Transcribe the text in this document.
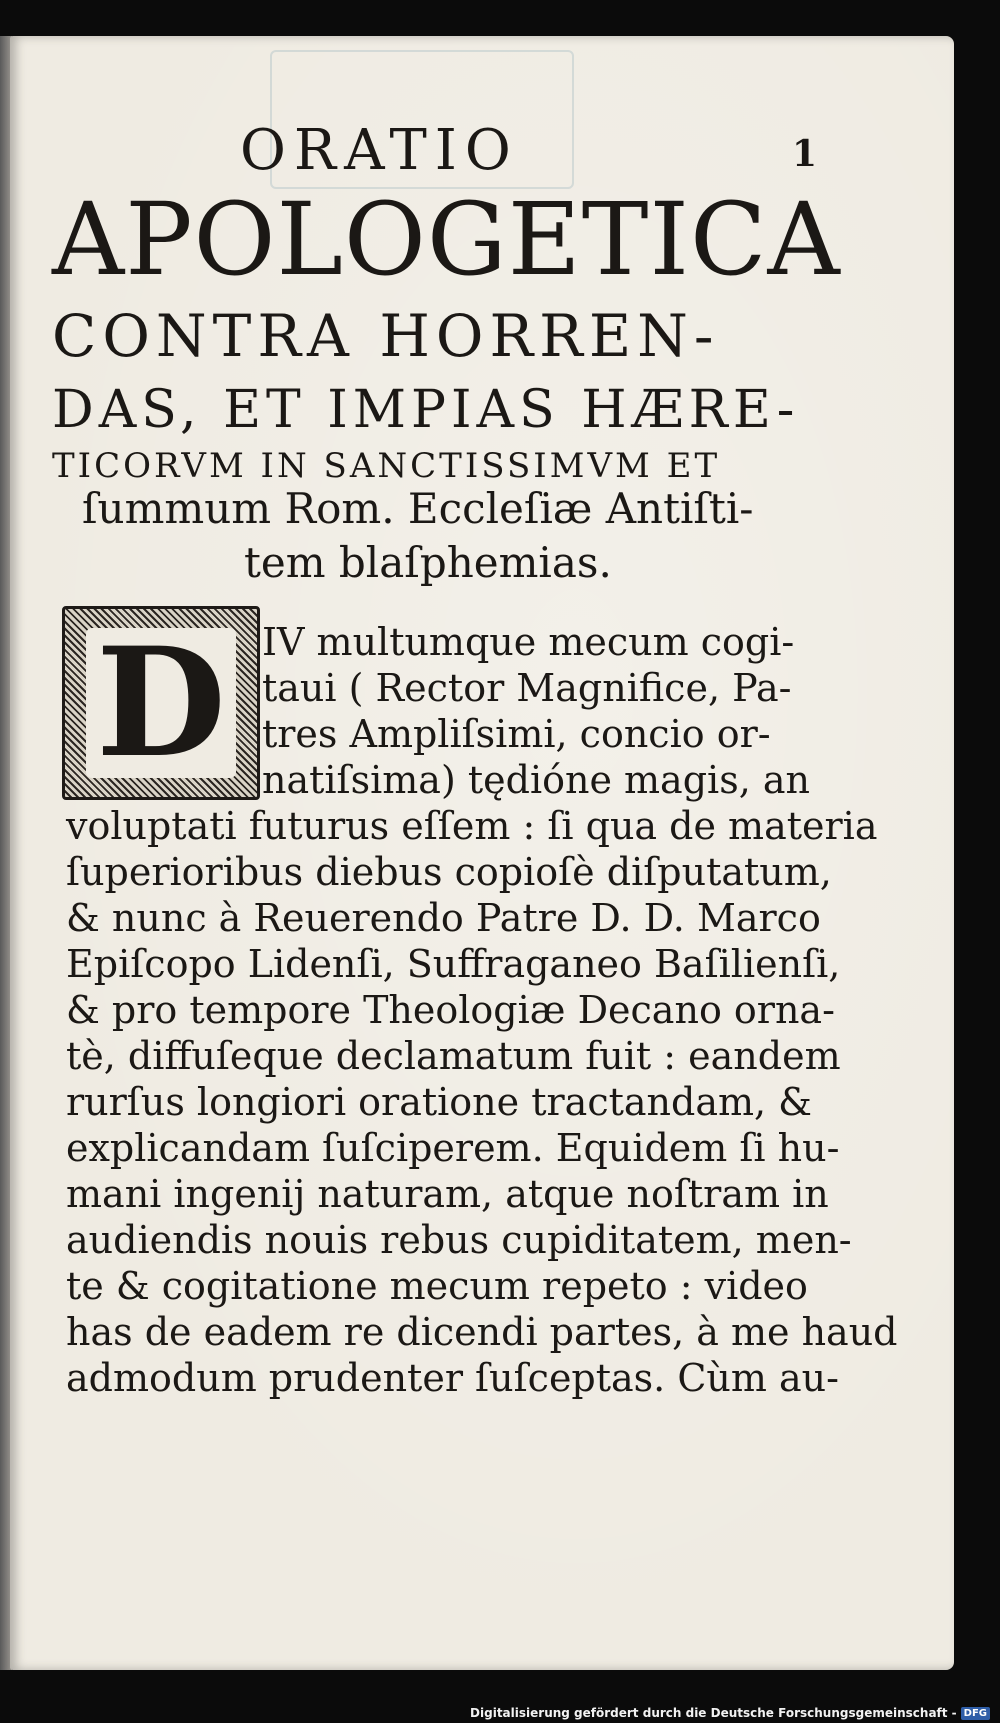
1
ORATIO
APOLOGETICA
CONTRA HORREN-
DAS, ET IMPIAS HÆRE-
TICORVM IN SANCTISSIMVM ET
ſummum Rom. Eccleſiæ Antiſti-
tem blaſphemias.
D IV multumque mecum cogi-
taui ( Rector Magnifice, Pa-
tres Ampliſsimi, concio or-
natiſsima) tędióne magis, an
voluptati futurus eſſem : ſi qua de materia
ſuperioribus diebus copioſè diſputatum,
& nunc à Reuerendo Patre D. D. Marco
Epiſcopo Lidenſi, Suffraganeo Baſilienſi,
& pro tempore Theologiæ Decano orna-
tè, diffuſeque declamatum fuit : eandem
rurſus longiori oratione tractandam, &
explicandam ſuſciperem. Equidem ſi hu-
mani ingenij naturam, atque noſtram in
audiendis nouis rebus cupiditatem, men-
te & cogitatione mecum repeto : video
has de eadem re dicendi partes, à me haud
admodum prudenter ſuſceptas. Cùm au-
Digitalisierung gefördert durch die Deutsche Forschungsgemeinschaft - DFG
